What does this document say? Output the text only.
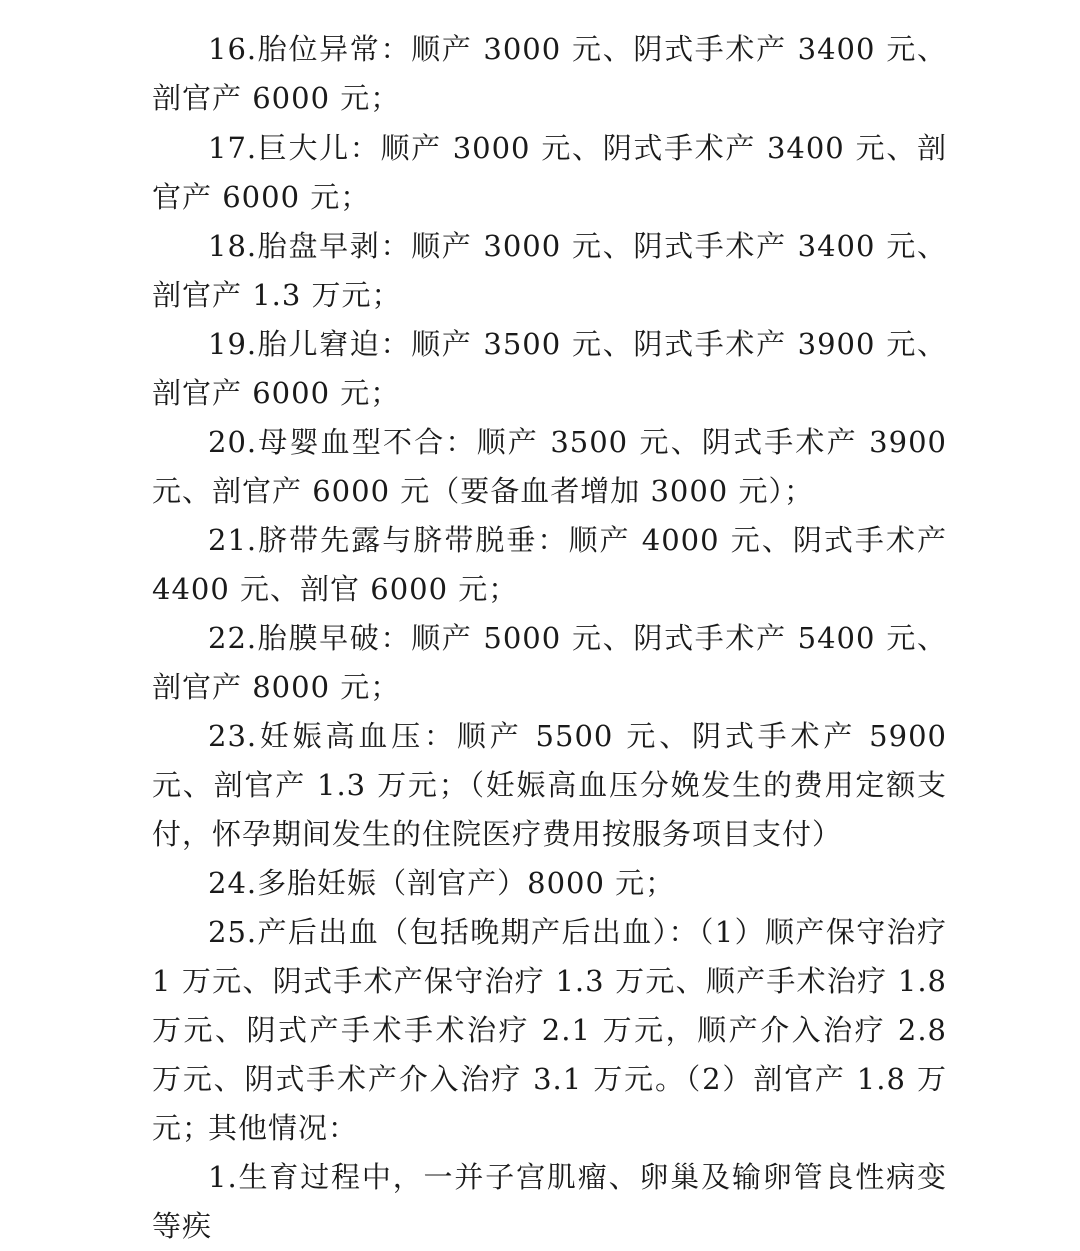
16.胎位异常：顺产 3000 元、阴式手术产 3400 元、剖官产 6000 元；

17.巨大儿：顺产 3000 元、阴式手术产 3400 元、剖官产 6000 元；

18.胎盘早剥：顺产 3000 元、阴式手术产 3400 元、剖官产 1.3 万元；

19.胎儿窘迫：顺产 3500 元、阴式手术产 3900 元、剖官产 6000 元；

20.母婴血型不合：顺产 3500 元、阴式手术产 3900 元、剖官产 6000 元（要备血者增加 3000 元）；

21.脐带先露与脐带脱垂：顺产 4000 元、阴式手术产 4400 元、剖官 6000 元；

22.胎膜早破：顺产 5000 元、阴式手术产 5400 元、剖官产 8000 元；

23.妊娠高血压：顺产 5500 元、阴式手术产 5900 元、剖官产 1.3 万元；（妊娠高血压分娩发生的费用定额支付，怀孕期间发生的住院医疗费用按服务项目支付）

24.多胎妊娠（剖官产）8000 元；

25.产后出血（包括晚期产后出血）：（1）顺产保守治疗 1 万元、阴式手术产保守治疗 1.3 万元、顺产手术治疗 1.8 万元、阴式产手术手术治疗 2.1 万元，顺产介入治疗 2.8 万元、阴式手术产介入治疗 3.1 万元。（2）剖官产 1.8 万元；

其他情况：

1.生育过程中，一并子宫肌瘤、卵巢及输卵管良性病变等疾
